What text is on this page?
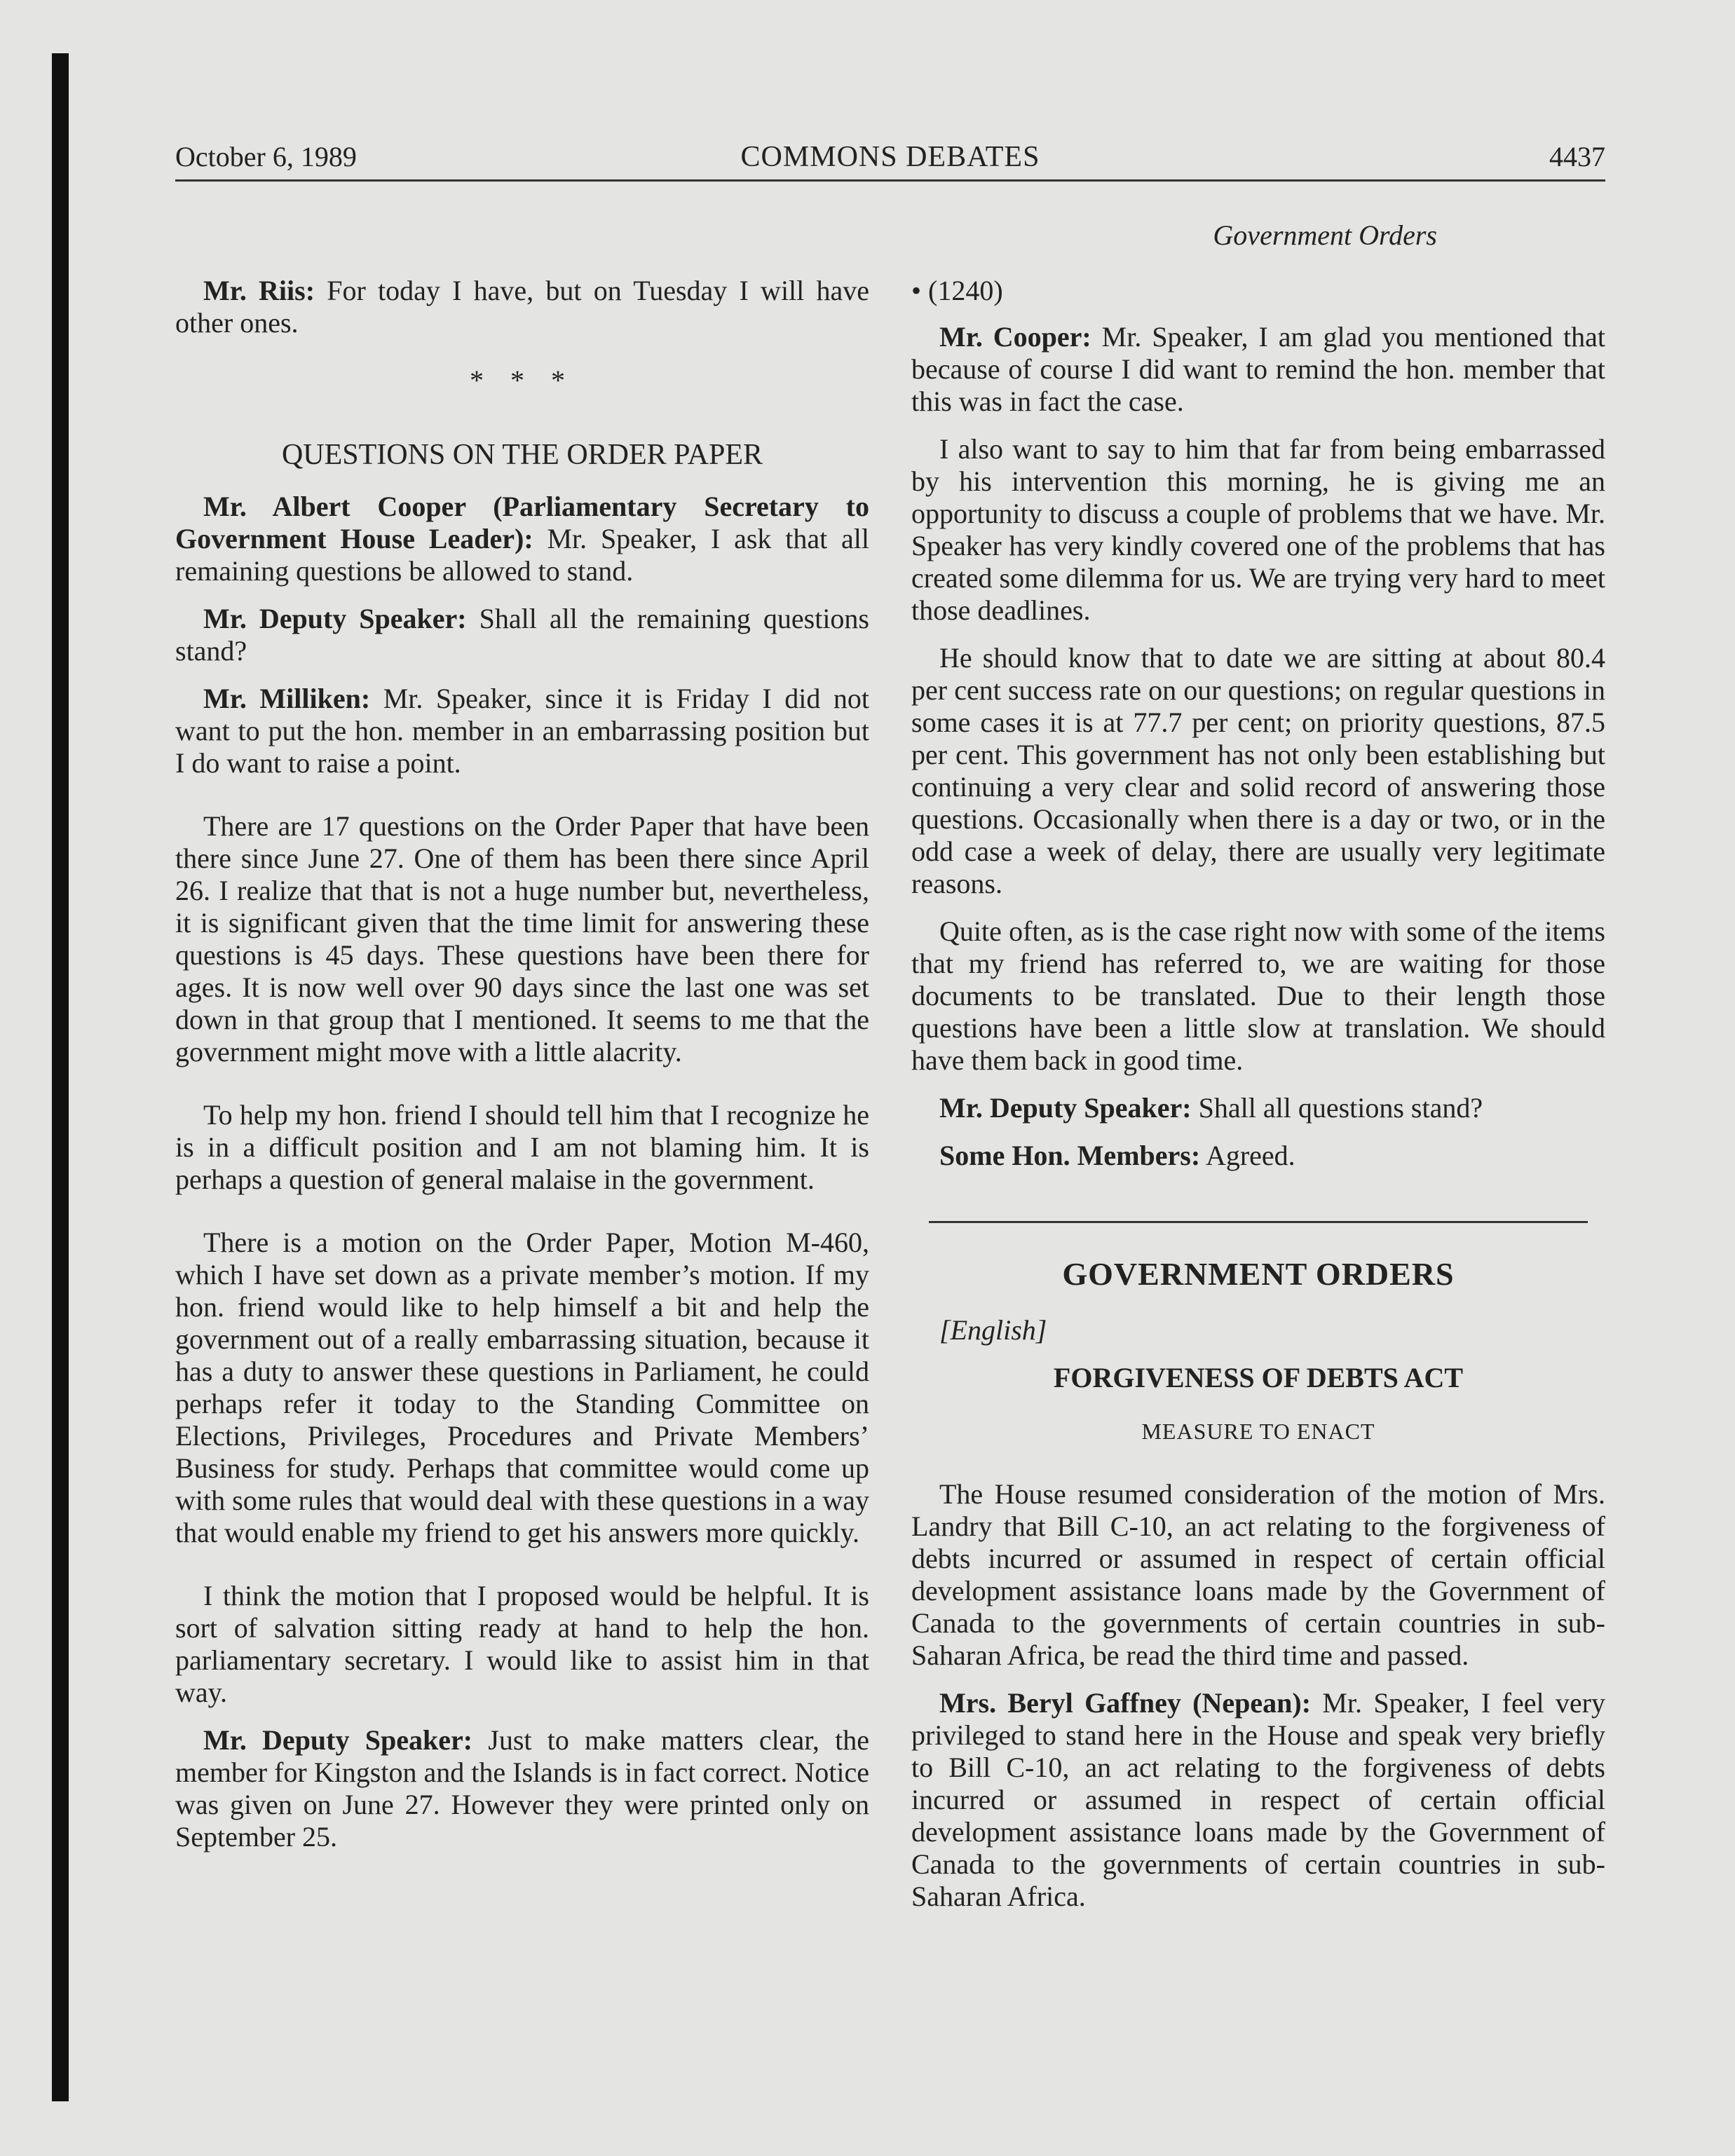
October 6, 1989	COMMONS DEBATES	4437
Government Orders

Mr. Riis: For today I have, but on Tuesday I will have other ones.

* * *
QUESTIONS ON THE ORDER PAPER

Mr. Albert Cooper (Parliamentary Secretary to Government House Leader): Mr. Speaker, I ask that all remaining questions be allowed to stand.

Mr. Deputy Speaker: Shall all the remaining questions stand?

Mr. Milliken: Mr. Speaker, since it is Friday I did not want to put the hon. member in an embarrassing position but I do want to raise a point.

There are 17 questions on the Order Paper that have been there since June 27. One of them has been there since April 26. I realize that that is not a huge number but, nevertheless, it is significant given that the time limit for answering these questions is 45 days. These questions have been there for ages. It is now well over 90 days since the last one was set down in that group that I mentioned. It seems to me that the government might move with a little alacrity.

To help my hon. friend I should tell him that I recognize he is in a difficult position and I am not blaming him. It is perhaps a question of general malaise in the government.

There is a motion on the Order Paper, Motion M-460, which I have set down as a private member’s motion. If my hon. friend would like to help himself a bit and help the government out of a really embarrassing situation, because it has a duty to answer these questions in Parliament, he could perhaps refer it today to the Standing Committee on Elections, Privileges, Procedures and Private Members’ Business for study. Perhaps that committee would come up with some rules that would deal with these questions in a way that would enable my friend to get his answers more quickly.

I think the motion that I proposed would be helpful. It is sort of salvation sitting ready at hand to help the hon. parliamentary secretary. I would like to assist him in that way.

Mr. Deputy Speaker: Just to make matters clear, the member for Kingston and the Islands is in fact correct. Notice was given on June 27. However they were printed only on September 25.

• (1240)

Mr. Cooper: Mr. Speaker, I am glad you mentioned that because of course I did want to remind the hon. member that this was in fact the case.

I also want to say to him that far from being embarrassed by his intervention this morning, he is giving me an opportunity to discuss a couple of problems that we have. Mr. Speaker has very kindly covered one of the problems that has created some dilemma for us. We are trying very hard to meet those deadlines.

He should know that to date we are sitting at about 80.4 per cent success rate on our questions; on regular questions in some cases it is at 77.7 per cent; on priority questions, 87.5 per cent. This government has not only been establishing but continuing a very clear and solid record of answering those questions. Occasionally when there is a day or two, or in the odd case a week of delay, there are usually very legitimate reasons.

Quite often, as is the case right now with some of the items that my friend has referred to, we are waiting for those documents to be translated. Due to their length those questions have been a little slow at translation. We should have them back in good time.

Mr. Deputy Speaker: Shall all questions stand?

Some Hon. Members: Agreed.

GOVERNMENT ORDERS

[English]

FORGIVENESS OF DEBTS ACT
MEASURE TO ENACT

The House resumed consideration of the motion of Mrs. Landry that Bill C-10, an act relating to the forgiveness of debts incurred or assumed in respect of certain official development assistance loans made by the Government of Canada to the governments of certain countries in sub-Saharan Africa, be read the third time and passed.

Mrs. Beryl Gaffney (Nepean): Mr. Speaker, I feel very privileged to stand here in the House and speak very briefly to Bill C-10, an act relating to the forgiveness of debts incurred or assumed in respect of certain official development assistance loans made by the Government of Canada to the governments of certain countries in sub-Saharan Africa.
